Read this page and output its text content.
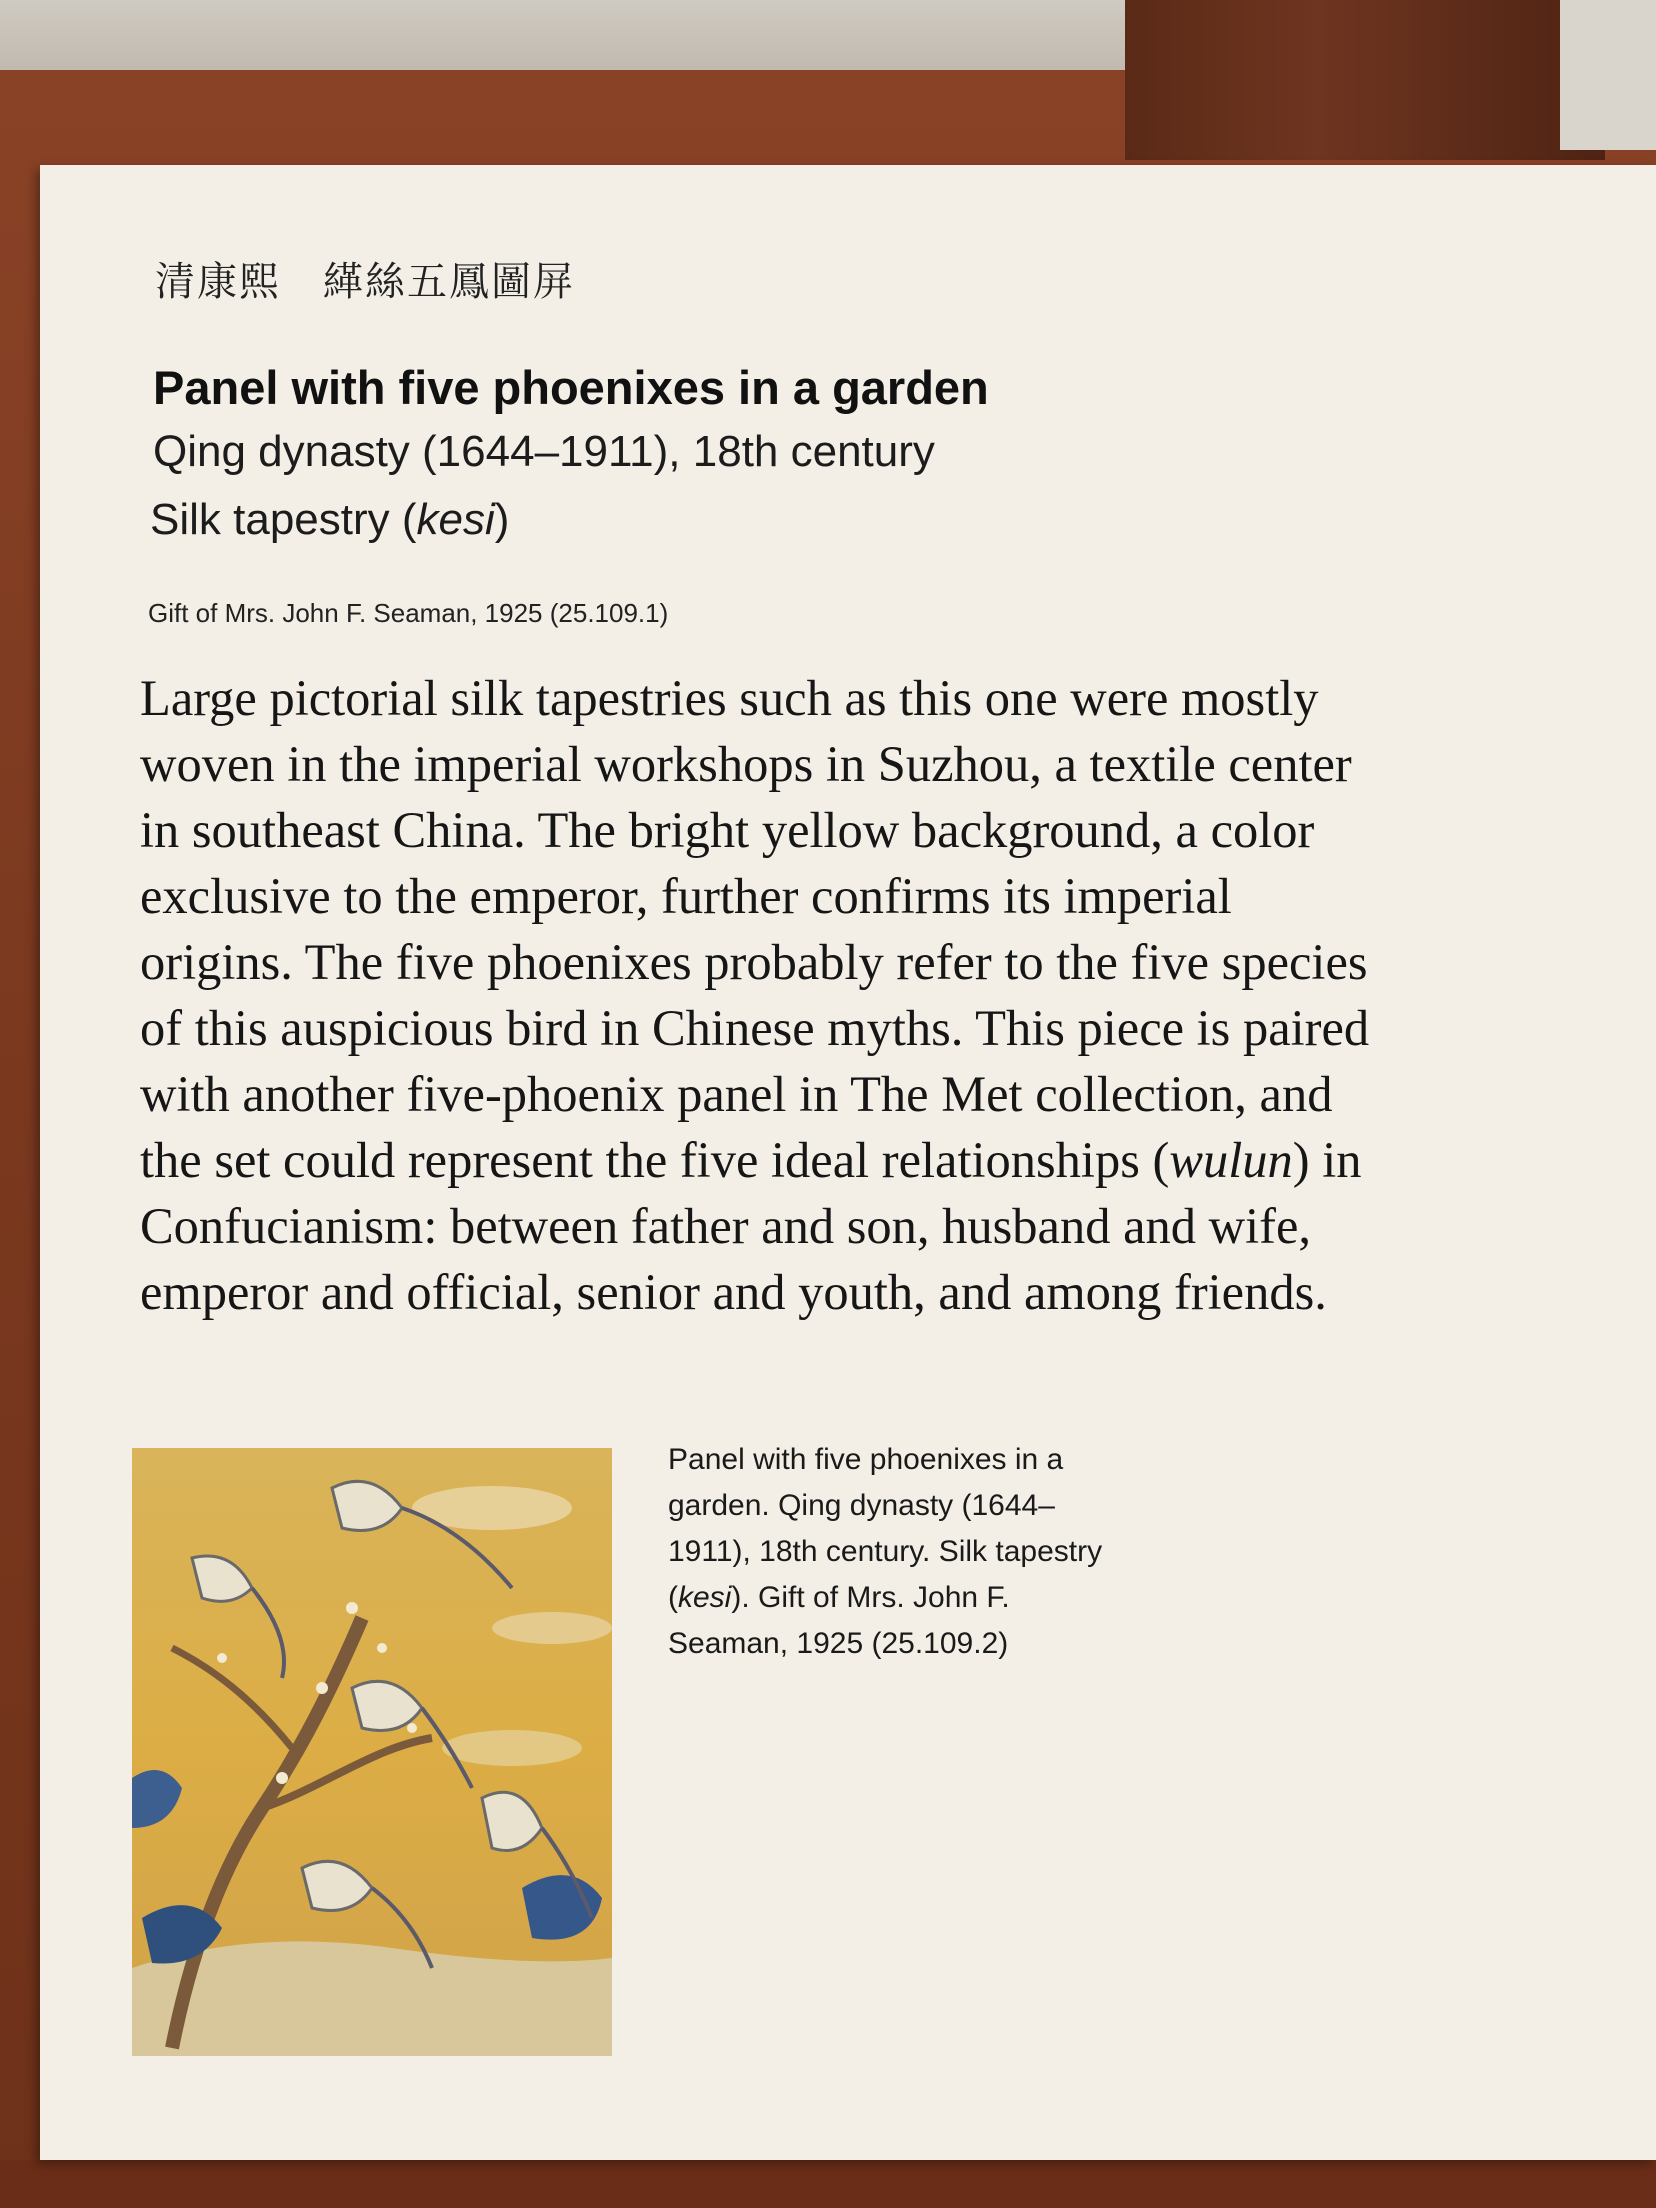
清康熙　緙絲五鳳圖屏
Panel with five phoenixes in a garden
Qing dynasty (1644–1911), 18th century
Silk tapestry (kesi)
Gift of Mrs. John F. Seaman, 1925 (25.109.1)
Large pictorial silk tapestries such as this one were mostly
woven in the imperial workshops in Suzhou, a textile center
in southeast China. The bright yellow background, a color
exclusive to the emperor, further confirms its imperial
origins. The five phoenixes probably refer to the five species
of this auspicious bird in Chinese myths. This piece is paired
with another five-phoenix panel in The Met collection, and
the set could represent the five ideal relationships (wulun) in
Confucianism: between father and son, husband and wife,
emperor and official, senior and youth, and among friends.
Panel with five phoenixes in a
garden. Qing dynasty (1644–
1911), 18th century. Silk tapestry
(kesi). Gift of Mrs. John F.
Seaman, 1925 (25.109.2)
